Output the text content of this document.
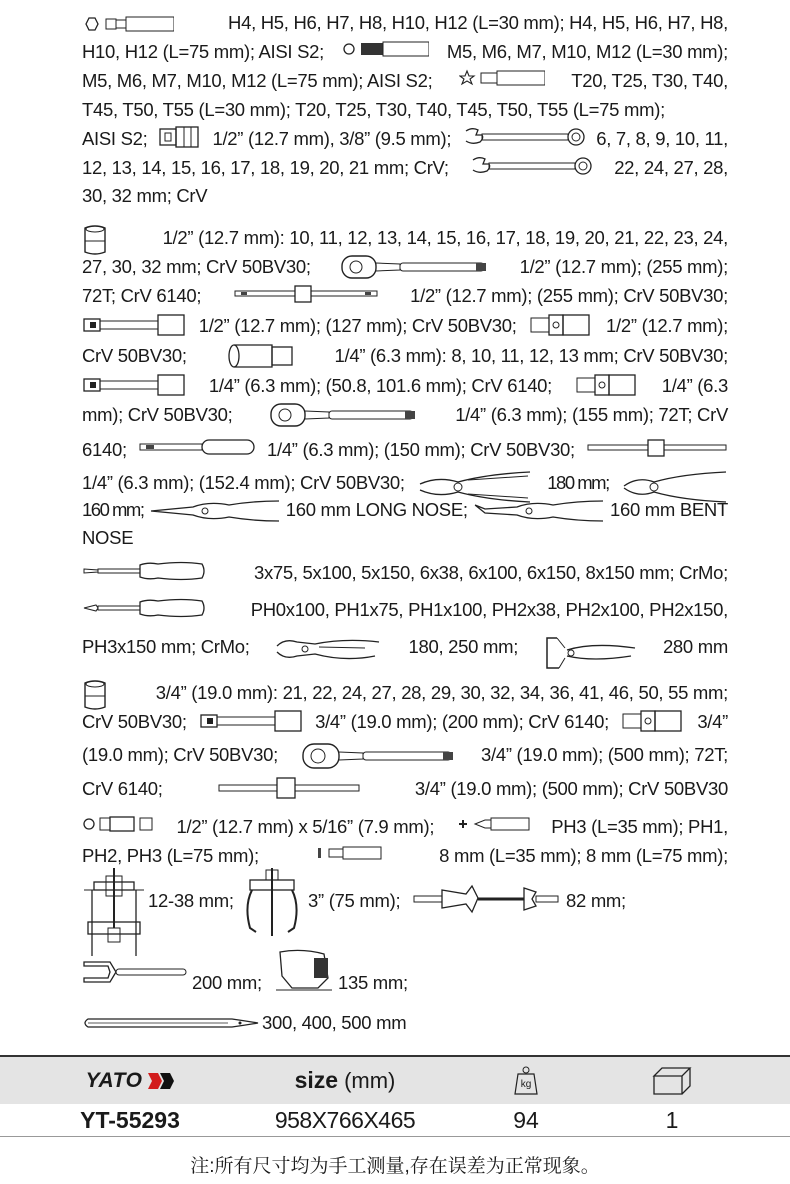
H4, H5, H6, H7, H8, H10, H12 (L=30 mm); H4, H5, H6, H7, H8,
H10, H12 (L=75 mm); AISI S2;	M5, M6, M7, M10, M12 (L=30 mm);
M5, M6, M7, M10, M12 (L=75 mm); AISI S2;	T20, T25, T30, T40,
T45, T50, T55 (L=30 mm); T20, T25, T30, T40, T45, T50, T55 (L=75 mm);
AISI S2;	1/2” (12.7 mm), 3/8” (9.5 mm);	6, 7, 8, 9, 10, 11,
12, 13, 14, 15, 16, 17, 18, 19, 20, 21 mm; CrV;	22, 24, 27, 28,
30, 32 mm; CrV
1/2” (12.7 mm): 10, 11, 12, 13, 14, 15, 16, 17, 18, 19, 20, 21, 22, 23, 24,
27, 30, 32 mm; CrV 50BV30;	1/2” (12.7 mm); (255 mm);
72T; CrV 6140;	1/2” (12.7 mm); (255 mm); CrV 50BV30;
1/2” (12.7 mm); (127 mm); CrV 50BV30;	1/2” (12.7 mm);
CrV 50BV30;	1/4” (6.3 mm): 8, 10, 11, 12, 13 mm; CrV 50BV30;
1/4” (6.3 mm); (50.8, 101.6 mm); CrV 6140;	1/4” (6.3
mm); CrV 50BV30;	1/4” (6.3 mm); (155 mm); 72T; CrV
6140;	1/4” (6.3 mm); (150 mm); CrV 50BV30;
1/4” (6.3 mm); (152.4 mm); CrV 50BV30;	180 mm;
160 mm;	160 mm LONG NOSE;	160 mm BENT
NOSE
3x75, 5x100, 5x150, 6x38, 6x100, 6x150, 8x150 mm; CrMo;
PH0x100, PH1x75, PH1x100, PH2x38, PH2x100, PH2x150,
PH3x150 mm; CrMo;	180, 250 mm;	280 mm
3/4” (19.0 mm): 21, 22, 24, 27, 28, 29, 30, 32, 34, 36, 41, 46, 50, 55 mm;
CrV 50BV30;	3/4” (19.0 mm); (200 mm); CrV 6140;	3/4”
(19.0 mm); CrV 50BV30;	3/4” (19.0 mm); (500 mm); 72T;
CrV 6140;	3/4” (19.0 mm); (500 mm); CrV 50BV30
1/2” (12.7 mm) x 5/16” (7.9 mm);	PH3 (L=35 mm); PH1,
PH2, PH3 (L=75 mm);	8 mm (L=35 mm); 8 mm (L=75 mm);
12-38 mm;	3” (75 mm);	82 mm;
200 mm;	135 mm;
300, 400, 500 mm
YATO	size (mm)	kg
YT-55293	958X766X465	94	1
注:所有尺寸均为手工测量,存在误差为正常现象。
